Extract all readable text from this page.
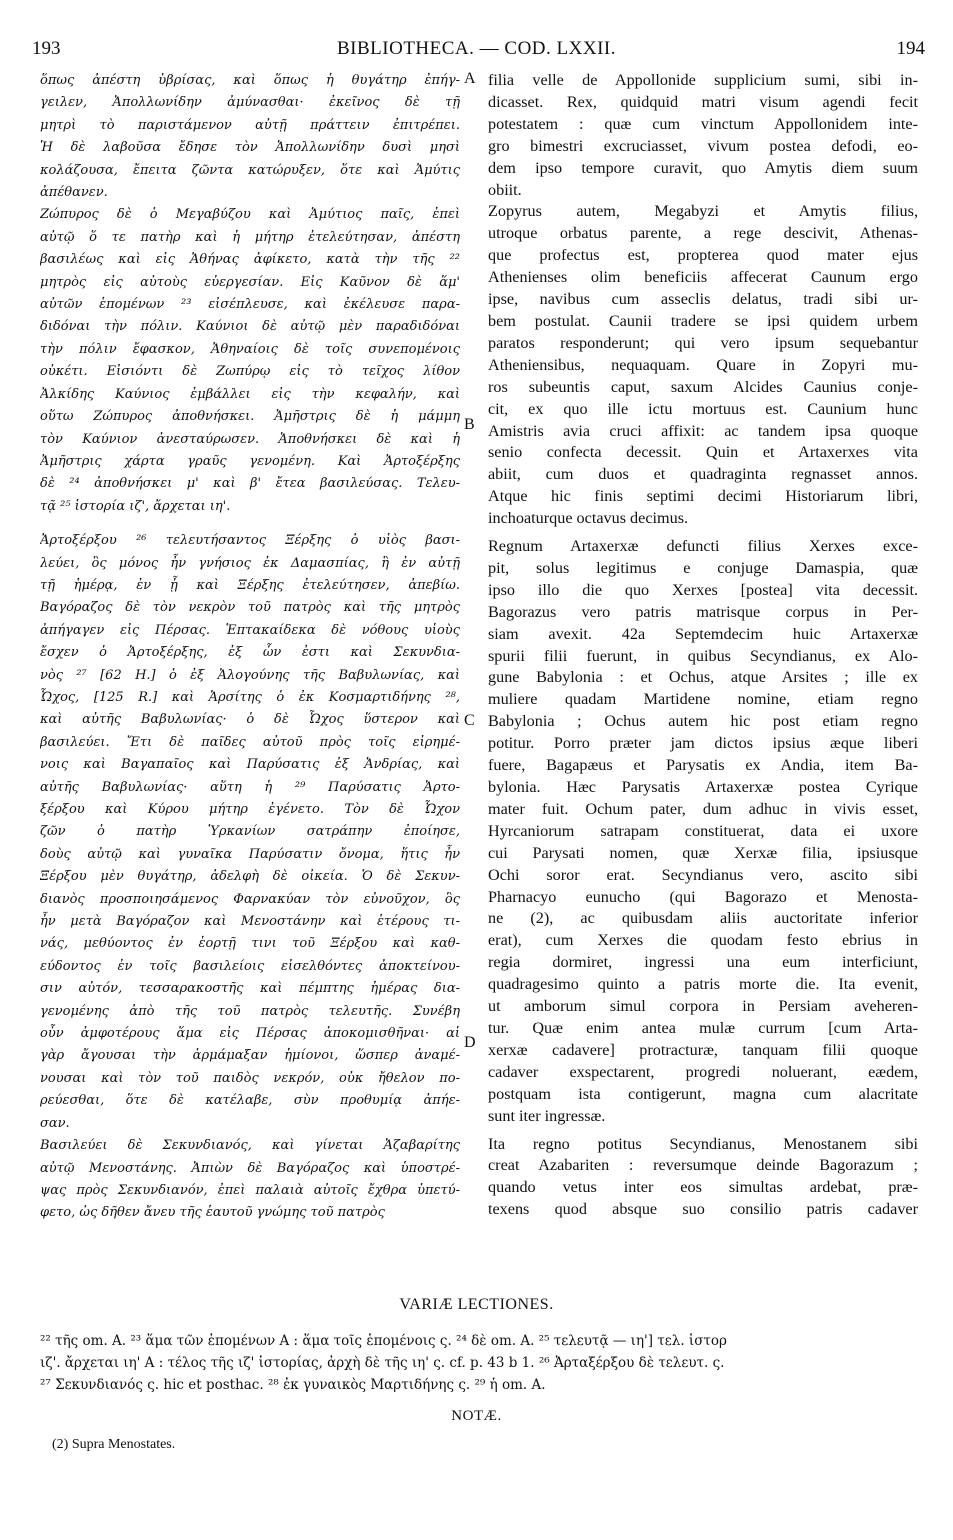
193	BIBLIOTHECA. — COD. LXXII.	194
ὅπως ἀπέστη ὑβρίσας, καὶ ὅπως ἡ θυγάτηρ ἐπήγ-
γειλεν, Ἀπολλωνίδην ἀμύνασθαι· ἐκεῖνος δὲ τῇ
μητρὶ τὸ παριστάμενον αὐτῇ πράττειν ἐπιτρέπει.
Ἡ δὲ λαβοῦσα ἔδησε τὸν Ἀπολλωνίδην δυσὶ μησὶ
κολάζουσα, ἔπειτα ζῶντα κατώρυξεν, ὅτε καὶ Ἀμύτις
ἀπέθανεν.
Ζώπυρος δὲ ὁ Μεγαβύζου καὶ Ἀμύτιος παῖς, ἐπεὶ
αὐτῷ ὅ τε πατὴρ καὶ ἡ μήτηρ ἐτελεύτησαν, ἀπέστη
βασιλέως καὶ εἰς Ἀθήνας ἀφίκετο, κατὰ τὴν τῆς ²²
μητρὸς εἰς αὐτοὺς εὐεργεσίαν. Εἰς Καῦνον δὲ ἅμ'
αὐτῶν ἑπομένων ²³ εἰσέπλευσε, καὶ ἐκέλευσε παρα-
διδόναι τὴν πόλιν. Καύνιοι δὲ αὐτῷ μὲν παραδιδόναι
τὴν πόλιν ἔφασκον, Ἀθηναίοις δὲ τοῖς συνεπομένοις
οὐκέτι. Εἰσιόντι δὲ Ζωπύρῳ εἰς τὸ τεῖχος λίθον
Ἀλκίδης Καύνιος ἐμβάλλει εἰς τὴν κεφαλήν, καὶ
οὕτω Ζώπυρος ἀποθνήσκει. Ἀμῆστρις δὲ ἡ μάμμη
τὸν Καύνιον ἀνεσταύρωσεν. Ἀποθνήσκει δὲ καὶ ἡ
Ἀμῆστρις χάρτα γραῦς γενομένη. Καὶ Ἀρτοξέρξης
δὲ ²⁴ ἀποθνήσκει μ' καὶ β' ἔτεα βασιλεύσας. Τελευ-
τᾷ ²⁵ ἱστορία ιζ', ἄρχεται ιη'.
Ἀρτοξέρξου ²⁶ τελευτήσαντος Ξέρξης ὁ υἱὸς βασι-
λεύει, ὃς μόνος ἦν γνήσιος ἐκ Δαμασπίας, ἣ ἐν αὐτῇ
τῇ ἡμέρᾳ, ἐν ᾗ καὶ Ξέρξης ἐτελεύτησεν, ἀπεβίω.
Βαγόραζος δὲ τὸν νεκρὸν τοῦ πατρὸς καὶ τῆς μητρὸς
ἀπήγαγεν εἰς Πέρσας. Ἑπτακαίδεκα δὲ νόθους υἱοὺς
ἔσχεν ὁ Ἀρτοξέρξης, ἐξ ὧν ἐστι καὶ Σεκυνδια-
νὸς ²⁷ [62 H.] ὁ ἐξ Ἀλογούνης τῆς Βαβυλωνίας, καὶ
Ὦχος, [125 R.] καὶ Ἀρσίτης ὁ ἐκ Κοσμαρτιδήνης ²⁸,
καὶ αὐτῆς Βαβυλωνίας· ὁ δὲ Ὦχος ὕστερον καὶ
βασιλεύει. Ἔτι δὲ παῖδες αὐτοῦ πρὸς τοῖς εἰρημέ-
νοις καὶ Βαγαπαῖος καὶ Παρύσατις ἐξ Ἀνδρίας, καὶ
αὐτῆς Βαβυλωνίας· αὕτη ἡ ²⁹ Παρύσατις Ἀρτο-
ξέρξου καὶ Κύρου μήτηρ ἐγένετο. Τὸν δὲ Ὦχον
ζῶν ὁ πατὴρ Ὑρκανίων σατράπην ἐποίησε,
δοὺς αὐτῷ καὶ γυναῖκα Παρύσατιν ὄνομα, ἥτις ἦν
Ξέρξου μὲν θυγάτηρ, ἀδελφὴ δὲ οἰκεία. Ὁ δὲ Σεκυν-
διανὸς προσποιησάμενος Φαρνακύαν τὸν εὐνοῦχον, ὃς
ἦν μετὰ Βαγόραζον καὶ Μενοστάνην καὶ ἑτέρους τι-
νάς, μεθύοντος ἐν ἑορτῇ τινι τοῦ Ξέρξου καὶ καθ-
εύδοντος ἐν τοῖς βασιλείοις εἰσελθόντες ἀποκτείνου-
σιν αὐτόν, τεσσαρακοστῆς καὶ πέμπτης ἡμέρας δια-
γενομένης ἀπὸ τῆς τοῦ πατρὸς τελευτῆς. Συνέβη
οὖν ἀμφοτέρους ἅμα εἰς Πέρσας ἀποκομισθῆναι· αἱ
γὰρ ἄγουσαι τὴν ἁρμάμαξαν ἡμίονοι, ὥσπερ ἀναμέ-
νουσαι καὶ τὸν τοῦ παιδὸς νεκρόν, οὐκ ἤθελον πο-
ρεύεσθαι, ὅτε δὲ κατέλαβε, σὺν προθυμίᾳ ἀπήε-
σαν.
Βασιλεύει δὲ Σεκυνδιανός, καὶ γίνεται Ἀζαβαρίτης
αὐτῷ Μενοστάνης. Ἀπιὼν δὲ Βαγόραζος καὶ ὑποστρέ-
ψας πρὸς Σεκυνδιανόν, ἐπεὶ παλαιὰ αὐτοῖς ἔχθρα ὑπετύ-
φετο, ὡς δῆθεν ἄνευ τῆς ἑαυτοῦ γνώμης τοῦ πατρὸς
A
B
C
D
filia velle de Appollonide supplicium sumi, sibi in-
dicasset. Rex, quidquid matri visum agendi fecit
potestatem : quæ cum vinctum Appollonidem inte-
gro bimestri excruciasset, vivum postea defodi, eo-
dem ipso tempore curavit, quo Amytis diem suum
obiit.
Zopyrus autem, Megabyzi et Amytis filius,
utroque orbatus parente, a rege descivit, Athenas-
que profectus est, propterea quod mater ejus
Athenienses olim beneficiis affecerat Caunum ergo
ipse, navibus cum asseclis delatus, tradi sibi ur-
bem postulat. Caunii tradere se ipsi quidem urbem
paratos responderunt; qui vero ipsum sequebantur
Atheniensibus, nequaquam. Quare in Zopyri mu-
ros subeuntis caput, saxum Alcides Caunius conje-
cit, ex quo ille ictu mortuus est. Caunium hunc
Amistris avia cruci affixit: ac tandem ipsa quoque
senio confecta decessit. Quin et Artaxerxes vita
abiit, cum duos et quadraginta regnasset annos.
Atque hic finis septimi decimi Historiarum libri,
inchoaturque octavus decimus.
Regnum Artaxerxæ defuncti filius Xerxes exce-
pit, solus legitimus e conjuge Damaspia, quæ
ipso illo die quo Xerxes [postea] vita decessit.
Bagorazus vero patris matrisque corpus in Per-
siam avexit. 42a Septemdecim huic Artaxerxæ
spurii filii fuerunt, in quibus Secyndianus, ex Alo-
gune Babylonia : et Ochus, atque Arsites ; ille ex
muliere quadam Martidene nomine, etiam regno
Babylonia ; Ochus autem hic post etiam regno
potitur. Porro præter jam dictos ipsius æque liberi
fuere, Bagapæus et Parysatis ex Andia, item Ba-
bylonia. Hæc Parysatis Artaxerxæ postea Cyrique
mater fuit. Ochum pater, dum adhuc in vivis esset,
Hyrcaniorum satrapam constituerat, data ei uxore
cui Parysati nomen, quæ Xerxæ filia, ipsiusque
Ochi soror erat. Secyndianus vero, ascito sibi
Pharnacyo eunucho (qui Bagorazo et Menosta-
ne (2), ac quibusdam aliis auctoritate inferior
erat), cum Xerxes die quodam festo ebrius in
regia dormiret, ingressi una eum interficiunt,
quadragesimo quinto a patris morte die. Ita evenit,
ut amborum simul corpora in Persiam aveheren-
tur. Quæ enim antea mulæ currum [cum Arta-
xerxæ cadavere] protracturæ, tanquam filii quoque
cadaver exspectarent, progredi noluerant, eædem,
postquam ista contigerunt, magna cum alacritate
sunt iter ingressæ.
Ita regno potitus Secyndianus, Menostanem sibi
creat Azabariten : reversumque deinde Bagorazum ;
quando vetus inter eos simultas ardebat, præ-
texens quod absque suo consilio patris cadaver
VARIÆ LECTIONES.
²² τῆς om. A. ²³ ἅμα τῶν ἑπομένων A : ἅμα τοῖς ἑπομένοις ς. ²⁴ δὲ om. A. ²⁵ τελευτᾷ — ιη'] τελ. ἱστορ
ιζ'. ἄρχεται ιη' A : τέλος τῆς ιζ' ἱστορίας, ἀρχὴ δὲ τῆς ιη' ς. cf. p. 43 b 1. ²⁶ Ἀρταξέρξου δὲ τελευτ. ς.
²⁷ Σεκυνδιανός ς. hic et posthac. ²⁸ ἐκ γυναικὸς Μαρτιδήνης ς. ²⁹ ἡ om. A.
NOTÆ.
(2) Supra Menostates.
